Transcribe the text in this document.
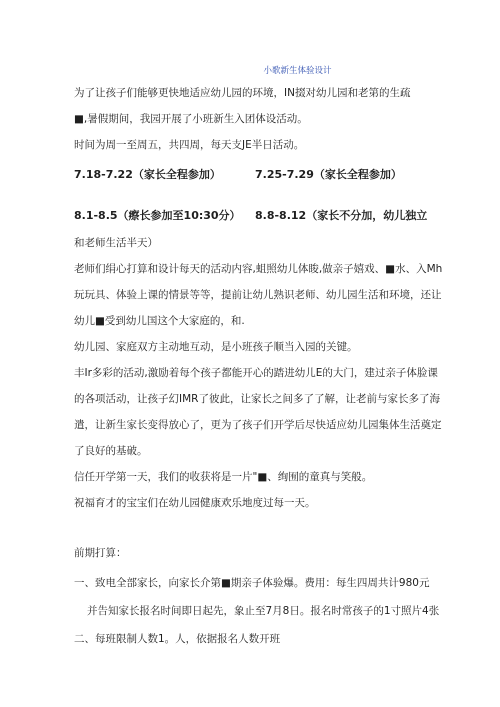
小歌新生体验设计
为了让孩子们能够更快地适应幼儿园的环境，IN掇对幼儿园和老第的生疏
■,暑假期间，我园开展了小班新生入团体设活动。
时间为周一至周五，共四周，每天支JE半日活动。
7.18-7.22（家长全程参加）	7.25-7.29（家长全程参加）
8.1-8.5（瘵长参加至10:30分） 8.8-8.12（家长不分加，幼儿独立
和老师生活半天）
老师们绢心打算和设计每天的活动内容,蛆照幼儿体睃,做亲子嬉戏、■水、入Mh
玩玩具、体验上课的情景等等，提前让幼儿熟识老师、幼儿园生活和环境，还让
幼儿■受到幼儿国这个大家庭的，和.
幼儿园、家庭双方主动地互动，是小班孩子顺当入园的关键。
丰Ir多彩的活动,激励着每个孩子都能开心的踏进幼儿E的大门，建过亲子体脸课
的各项活动，让孩子幻IMR了彼此，让家长之间多了了解，让老前与家长多了海
遣，让新生家长变得放心了，更为了孩子们开学后尽快适应幼儿园集体生活奠定
了良好的基破。
信任开学第一天，我们的收获将是一片"■、绚囿的童真与笑般。
祝福育才的宝宝们在幼儿园健康欢乐地度过每一天。
前期打算：
一、致电全部家长，向家长介第■期亲子体验爆。费用：每生四周共计980元
并告知家长报名时间即日起先，象止至7月8日。报名时常孩子的1寸照片4张
二、每班限制人数1。人，依据报名人数开班
